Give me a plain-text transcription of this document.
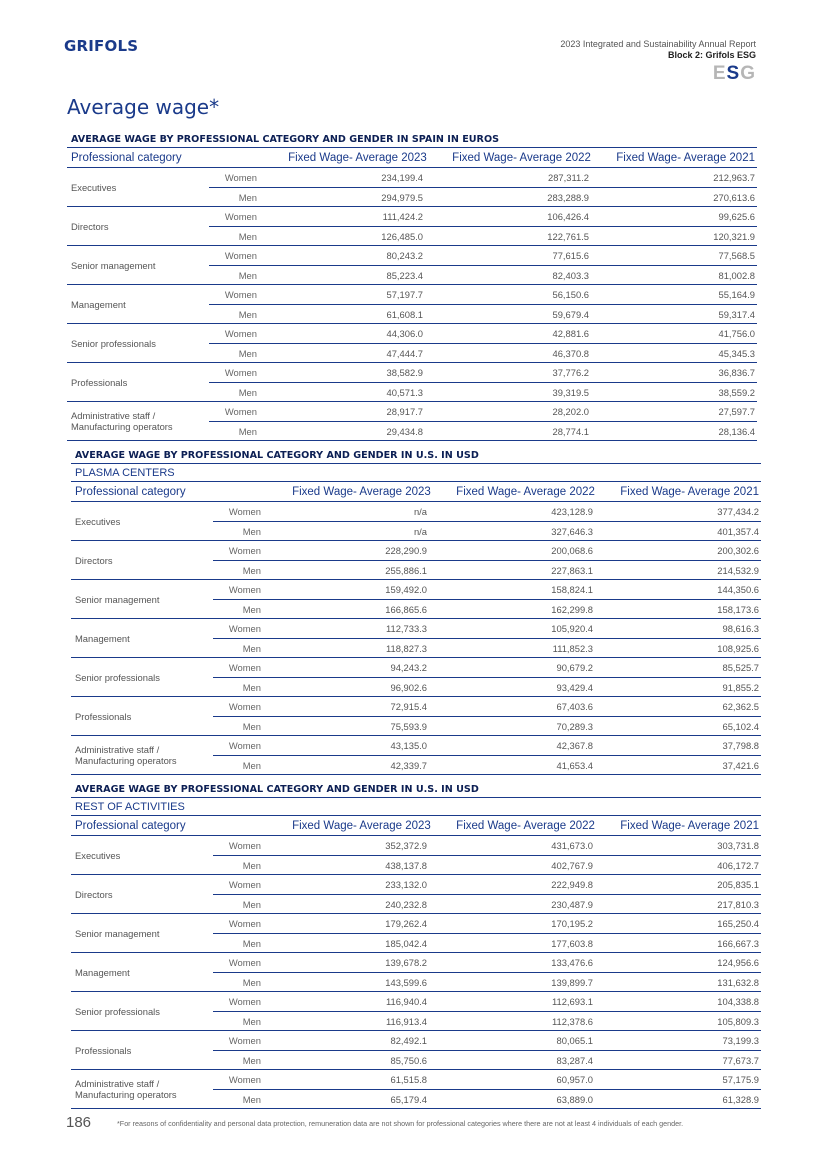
GRIFOLS	2023 Integrated and Sustainability Annual Report
Block 2: Grifols ESG
ESG
Average wage*
AVERAGE WAGE BY PROFESSIONAL CATEGORY AND GENDER IN SPAIN IN EUROS
Professional category	Fixed Wage- Average 2023	Fixed Wage- Average 2022	Fixed Wage- Average 2021
Executives
Women	234,199.4	287,311.2	212,963.7
Men	294,979.5	283,288.9	270,613.6
Directors
Women	111,424.2	106,426.4	99,625.6
Men	126,485.0	122,761.5	120,321.9
Senior management
Women	80,243.2	77,615.6	77,568.5
Men	85,223.4	82,403.3	81,002.8
Management
Women	57,197.7	56,150.6	55,164.9
Men	61,608.1	59,679.4	59,317.4
Senior professionals
Women	44,306.0	42,881.6	41,756.0
Men	47,444.7	46,370.8	45,345.3
Professionals
Women	38,582.9	37,776.2	36,836.7
Men	40,571.3	39,319.5	38,559.2
Administrative staff / Manufacturing operators
Women	28,917.7	28,202.0	27,597.7
Men	29,434.8	28,774.1	28,136.4
AVERAGE WAGE BY PROFESSIONAL CATEGORY AND GENDER IN U.S. IN USD
PLASMA CENTERS
Professional category	Fixed Wage- Average 2023	Fixed Wage- Average 2022	Fixed Wage- Average 2021
Executives
Women	n/a	423,128.9	377,434.2
Men	n/a	327,646.3	401,357.4
Directors
Women	228,290.9	200,068.6	200,302.6
Men	255,886.1	227,863.1	214,532.9
Senior management
Women	159,492.0	158,824.1	144,350.6
Men	166,865.6	162,299.8	158,173.6
Management
Women	112,733.3	105,920.4	98,616.3
Men	118,827.3	111,852.3	108,925.6
Senior professionals
Women	94,243.2	90,679.2	85,525.7
Men	96,902.6	93,429.4	91,855.2
Professionals
Women	72,915.4	67,403.6	62,362.5
Men	75,593.9	70,289.3	65,102.4
Administrative staff / Manufacturing operators
Women	43,135.0	42,367.8	37,798.8
Men	42,339.7	41,653.4	37,421.6
AVERAGE WAGE BY PROFESSIONAL CATEGORY AND GENDER IN U.S. IN USD
REST OF ACTIVITIES
Professional category	Fixed Wage- Average 2023	Fixed Wage- Average 2022	Fixed Wage- Average 2021
Executives
Women	352,372.9	431,673.0	303,731.8
Men	438,137.8	402,767.9	406,172.7
Directors
Women	233,132.0	222,949.8	205,835.1
Men	240,232.8	230,487.9	217,810.3
Senior management
Women	179,262.4	170,195.2	165,250.4
Men	185,042.4	177,603.8	166,667.3
Management
Women	139,678.2	133,476.6	124,956.6
Men	143,599.6	139,899.7	131,632.8
Senior professionals
Women	116,940.4	112,693.1	104,338.8
Men	116,913.4	112,378.6	105,809.3
Professionals
Women	82,492.1	80,065.1	73,199.3
Men	85,750.6	83,287.4	77,673.7
Administrative staff / Manufacturing operators
Women	61,515.8	60,957.0	57,175.9
Men	65,179.4	63,889.0	61,328.9
186	*For reasons of confidentiality and personal data protection, remuneration data are not shown for professional categories where there are not at least 4 individuals of each gender.
